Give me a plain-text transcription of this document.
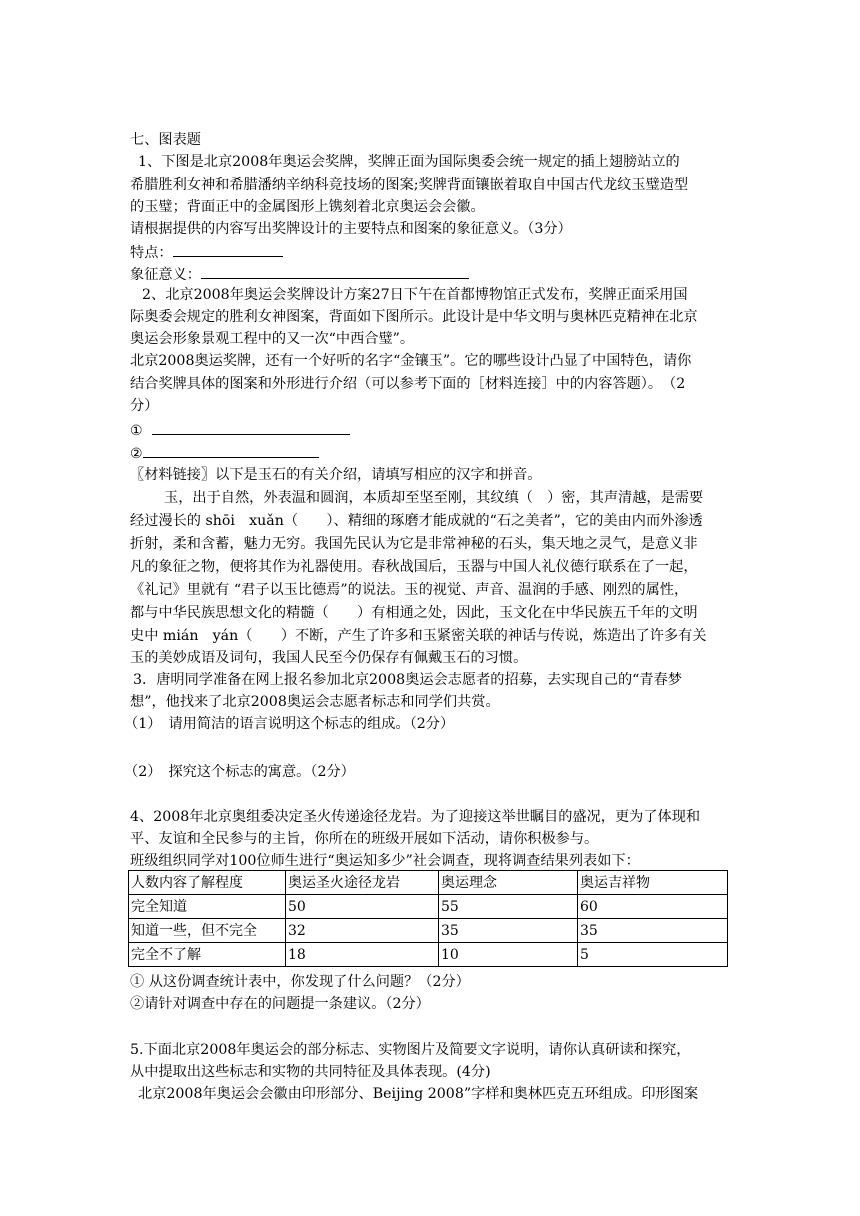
七、图表题
1、下图是北京2008年奥运会奖牌，奖牌正面为国际奥委会统一规定的插上翅膀站立的
希腊胜利女神和希腊潘纳辛纳科竞技场的图案;奖牌背面镶嵌着取自中国古代龙纹玉璧造型
的玉璧；背面正中的金属图形上镌刻着北京奥运会会徽。
请根据提供的内容写出奖牌设计的主要特点和图案的象征意义。（3分）
特点：
象征意义：
2、北京2008年奥运会奖牌设计方案27日下午在首都博物馆正式发布，奖牌正面采用国
际奥委会规定的胜利女神图案，背面如下图所示。此设计是中华文明与奥林匹克精神在北京
奥运会形象景观工程中的又一次“中西合璧”。
北京2008奥运奖牌，还有一个好听的名字“金镶玉”。它的哪些设计凸显了中国特色，请你
结合奖牌具体的图案和外形进行介绍（可以参考下面的［材料连接］中的内容答题）。　（2
分）
①
②
〖材料链接〗以下是玉石的有关介绍，请填写相应的汉字和拼音。
玉，出于自然，外表温和圆润，本质却至坚至刚，其纹缜（　）密，其声清越，是需要
经过漫长的 shōi　xuǎn（　　）、精细的琢磨才能成就的“石之美者”，它的美由内而外渗透
折射，柔和含蓄，魅力无穷。我国先民认为它是非常神秘的石头，集天地之灵气，是意义非
凡的象征之物，便将其作为礼器使用。春秋战国后，玉器与中国人礼仪德行联系在了一起，
《礼记》里就有 “君子以玉比德焉”的说法。玉的视觉、声音、温润的手感、刚烈的属性，
都与中华民族思想文化的精髓（　　）有相通之处，因此，玉文化在中华民族五千年的文明
史中 mián　yán（　　）不断，产生了许多和玉紧密关联的神话与传说，炼造出了许多有关
玉的美妙成语及词句，我国人民至今仍保存有佩戴玉石的习惯。
3．唐明同学准备在网上报名参加北京2008奥运会志愿者的招募，去实现自己的“青春梦
想”，他找来了北京2008奥运会志愿者标志和同学们共赏。
（1）　请用简洁的语言说明这个标志的组成。（2分）
（2）　探究这个标志的寓意。（2分）
4、2008年北京奥组委决定圣火传递途径龙岩。为了迎接这举世瞩目的盛况，更为了体现和
平、友谊和全民参与的主旨，你所在的班级开展如下活动，请你积极参与。
班级组织同学对100位师生进行“奥运知多少”社会调查，现将调查结果列表如下：
人数内容了解程度	奥运圣火途径龙岩	奥运理念	奥运吉祥物
完全知道	50	55	60
知道一些，但不完全	32	35	35
完全不了解	18	10	5
① 从这份调查统计表中，你发现了什么问题？（2分）
②请针对调查中存在的问题提一条建议。（2分）
5.下面北京2008年奥运会的部分标志、实物图片及简要文字说明，请你认真研读和探究，
从中提取出这些标志和实物的共同特征及具体表现。(4分)
北京2008年奥运会会徽由印形部分、Beijing 2008”字样和奥林匹克五环组成。印形图案
